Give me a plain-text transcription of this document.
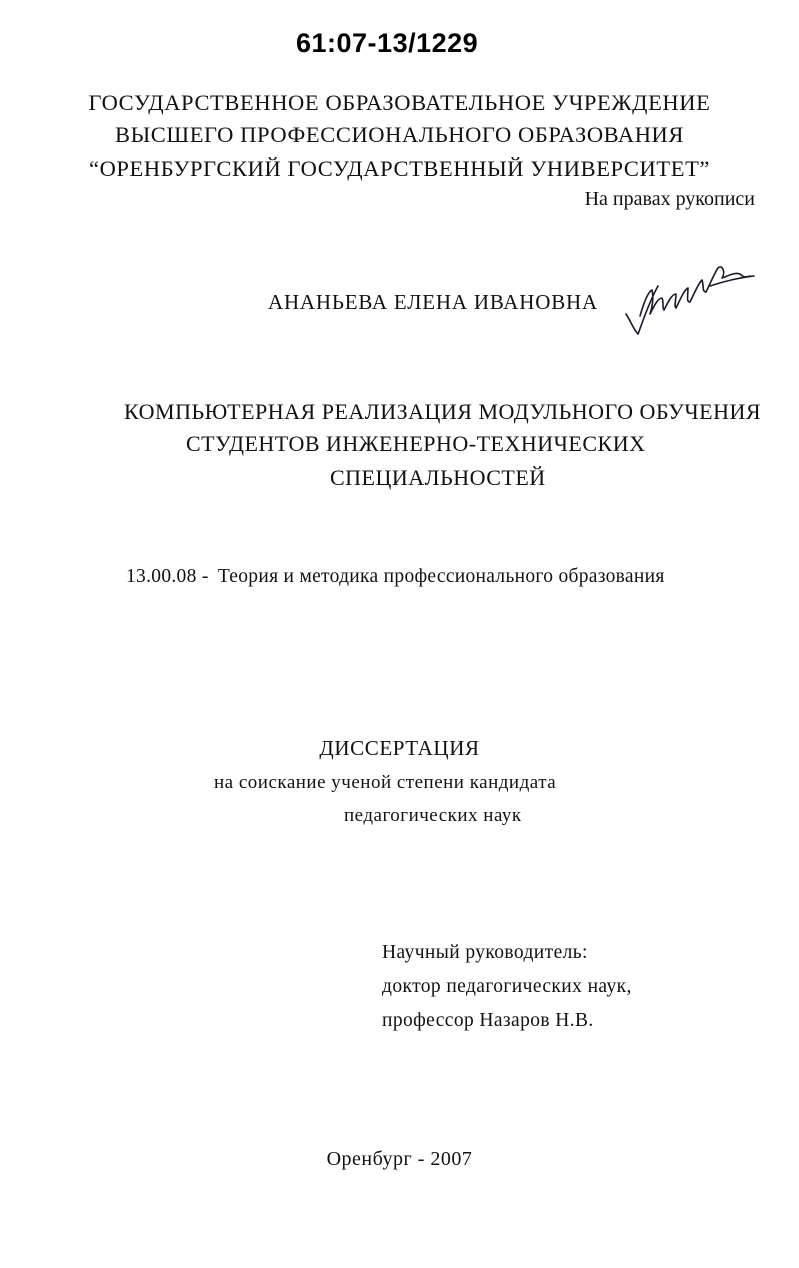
61:07-13/1229
ГОСУДАРСТВЕННОЕ ОБРАЗОВАТЕЛЬНОЕ УЧРЕЖДЕНИЕ
ВЫСШЕГО ПРОФЕССИОНАЛЬНОГО ОБРАЗОВАНИЯ
“ОРЕНБУРГСКИЙ ГОСУДАРСТВЕННЫЙ УНИВЕРСИТЕТ”
На правах рукописи
АНАНЬЕВА ЕЛЕНА ИВАНОВНА
КОМПЬЮТЕРНАЯ РЕАЛИЗАЦИЯ МОДУЛЬНОГО ОБУЧЕНИЯ
СТУДЕНТОВ ИНЖЕНЕРНО-ТЕХНИЧЕСКИХ
СПЕЦИАЛЬНОСТЕЙ
13.00.08 - Теория и методика профессионального образования
ДИССЕРТАЦИЯ
на соискание ученой степени кандидата
педагогических наук
Научный руководитель:
доктор педагогических наук,
профессор Назаров Н.В.
Оренбург - 2007
